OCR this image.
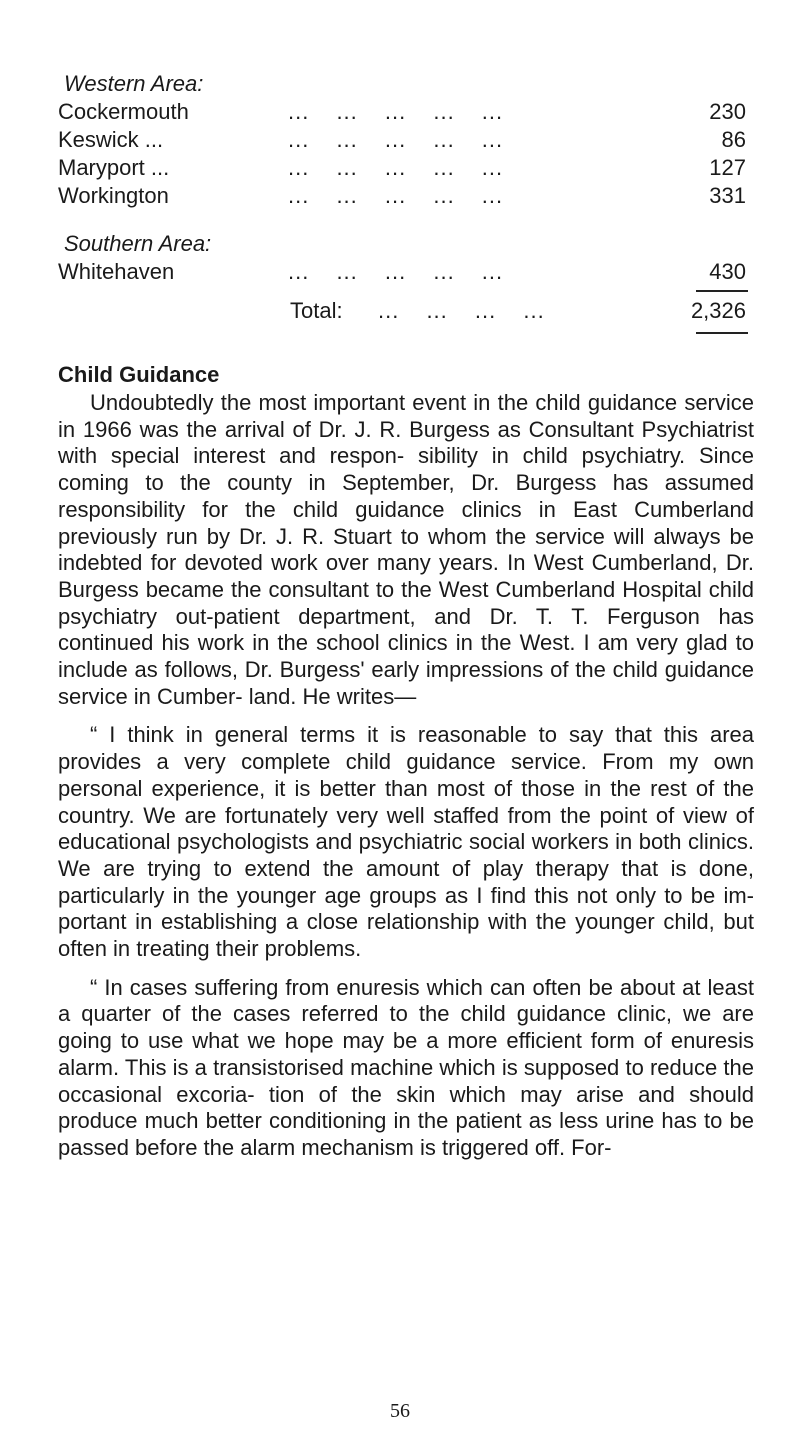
Western Area:
Cockermouth	... ... ... ... ...	230
Keswick ...	... ... ... ... ...	86
Maryport ...	... ... ... ... ...	127
Workington	... ... ... ... ...	331
Southern Area:
Whitehaven	... ... ... ... ...	430
Total: ... ... ... ...	2,326
Child Guidance

Undoubtedly the most important event in the child guidance service in 1966 was the arrival of Dr. J. R. Burgess as Consultant Psychiatrist with special interest and respon- sibility in child psychiatry. Since coming to the county in September, Dr. Burgess has assumed responsibility for the child guidance clinics in East Cumberland previously run by Dr. J. R. Stuart to whom the service will always be indebted for devoted work over many years. In West Cumberland, Dr. Burgess became the consultant to the West Cumberland Hospital child psychiatry out-patient department, and Dr. T. T. Ferguson has continued his work in the school clinics in the West. I am very glad to include as follows, Dr. Burgess' early impressions of the child guidance service in Cumber- land. He writes—

“ I think in general terms it is reasonable to say that this area provides a very complete child guidance service. From my own personal experience, it is better than most of those in the rest of the country. We are fortunately very well staffed from the point of view of educational psychologists and psychiatric social workers in both clinics. We are trying to extend the amount of play therapy that is done, particularly in the younger age groups as I find this not only to be im- portant in establishing a close relationship with the younger child, but often in treating their problems.

“ In cases suffering from enuresis which can often be about at least a quarter of the cases referred to the child guidance clinic, we are going to use what we hope may be a more efficient form of enuresis alarm. This is a transistorised machine which is supposed to reduce the occasional excoria- tion of the skin which may arise and should produce much better conditioning in the patient as less urine has to be passed before the alarm mechanism is triggered off. For-

56
